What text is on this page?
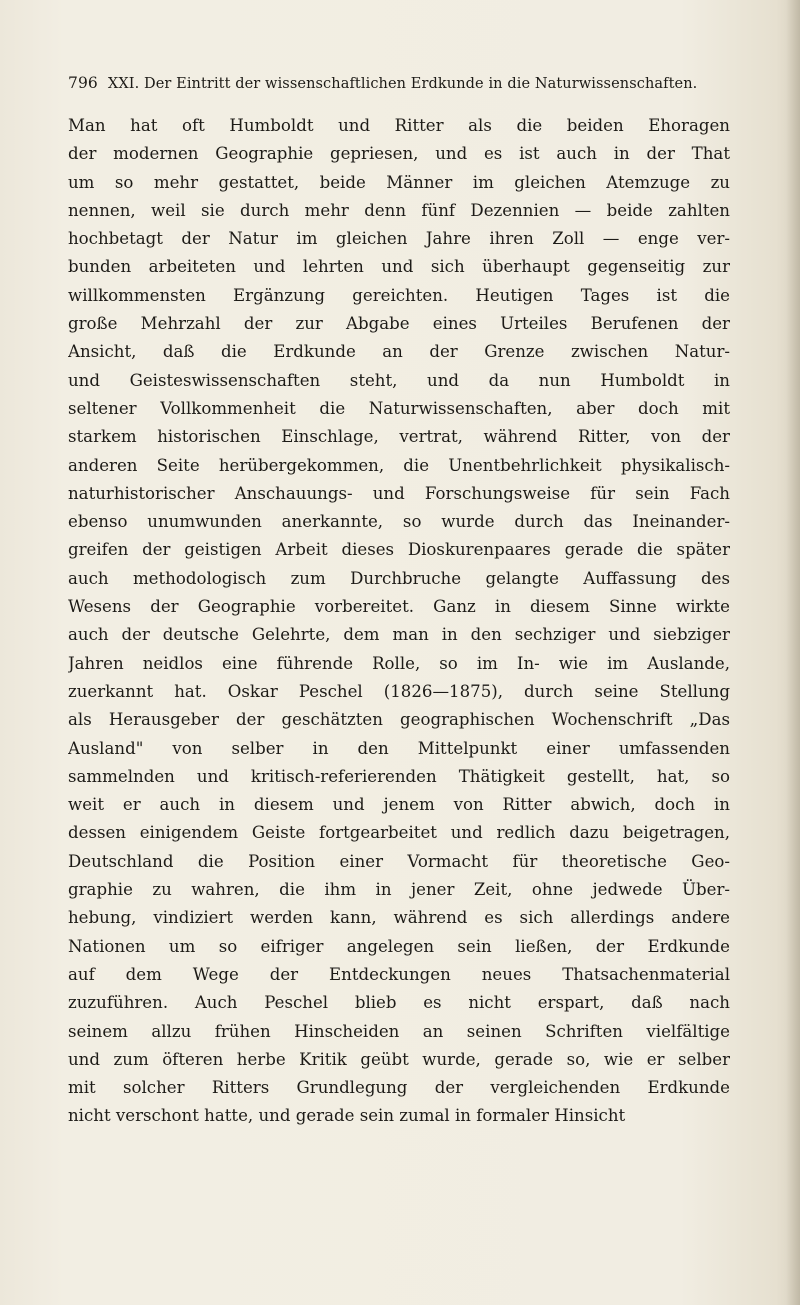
796 XXI. Der Eintritt der wissenschaftlichen Erdkunde in die Naturwissenschaften.
Man hat oft Humboldt und Ritter als die beiden Ehoragen
der modernen Geographie gepriesen, und es ist auch in der That
um so mehr gestattet, beide Männer im gleichen Atemzuge zu
nennen, weil sie durch mehr denn fünf Dezennien — beide zahlten
hochbetagt der Natur im gleichen Jahre ihren Zoll — enge ver-
bunden arbeiteten und lehrten und sich überhaupt gegenseitig zur
willkommensten Ergänzung gereichten. Heutigen Tages ist die
große Mehrzahl der zur Abgabe eines Urteiles Berufenen der
Ansicht, daß die Erdkunde an der Grenze zwischen Natur-
und Geisteswissenschaften steht, und da nun Humboldt in
seltener Vollkommenheit die Naturwissenschaften, aber doch mit
starkem historischen Einschlage, vertrat, während Ritter, von der
anderen Seite herübergekommen, die Unentbehrlichkeit physikalisch-
naturhistorischer Anschauungs- und Forschungsweise für sein Fach
ebenso unumwunden anerkannte, so wurde durch das Ineinander-
greifen der geistigen Arbeit dieses Dioskurenpaares gerade die später
auch methodologisch zum Durchbruche gelangte Auffassung des
Wesens der Geographie vorbereitet. Ganz in diesem Sinne wirkte
auch der deutsche Gelehrte, dem man in den sechziger und siebziger
Jahren neidlos eine führende Rolle, so im In- wie im Auslande,
zuerkannt hat. Oskar Peschel (1826—1875), durch seine Stellung
als Herausgeber der geschätzten geographischen Wochenschrift „Das
Ausland" von selber in den Mittelpunkt einer umfassenden
sammelnden und kritisch-referierenden Thätigkeit gestellt, hat, so
weit er auch in diesem und jenem von Ritter abwich, doch in
dessen einigendem Geiste fortgearbeitet und redlich dazu beigetragen,
Deutschland die Position einer Vormacht für theoretische Geo-
graphie zu wahren, die ihm in jener Zeit, ohne jedwede Über-
hebung, vindiziert werden kann, während es sich allerdings andere
Nationen um so eifriger angelegen sein ließen, der Erdkunde
auf dem Wege der Entdeckungen neues Thatsachenmaterial
zuzuführen. Auch Peschel blieb es nicht erspart, daß nach
seinem allzu frühen Hinscheiden an seinen Schriften vielfältige
und zum öfteren herbe Kritik geübt wurde, gerade so, wie er selber
mit solcher Ritters Grundlegung der vergleichenden Erdkunde
nicht verschont hatte, und gerade sein zumal in formaler Hinsicht
